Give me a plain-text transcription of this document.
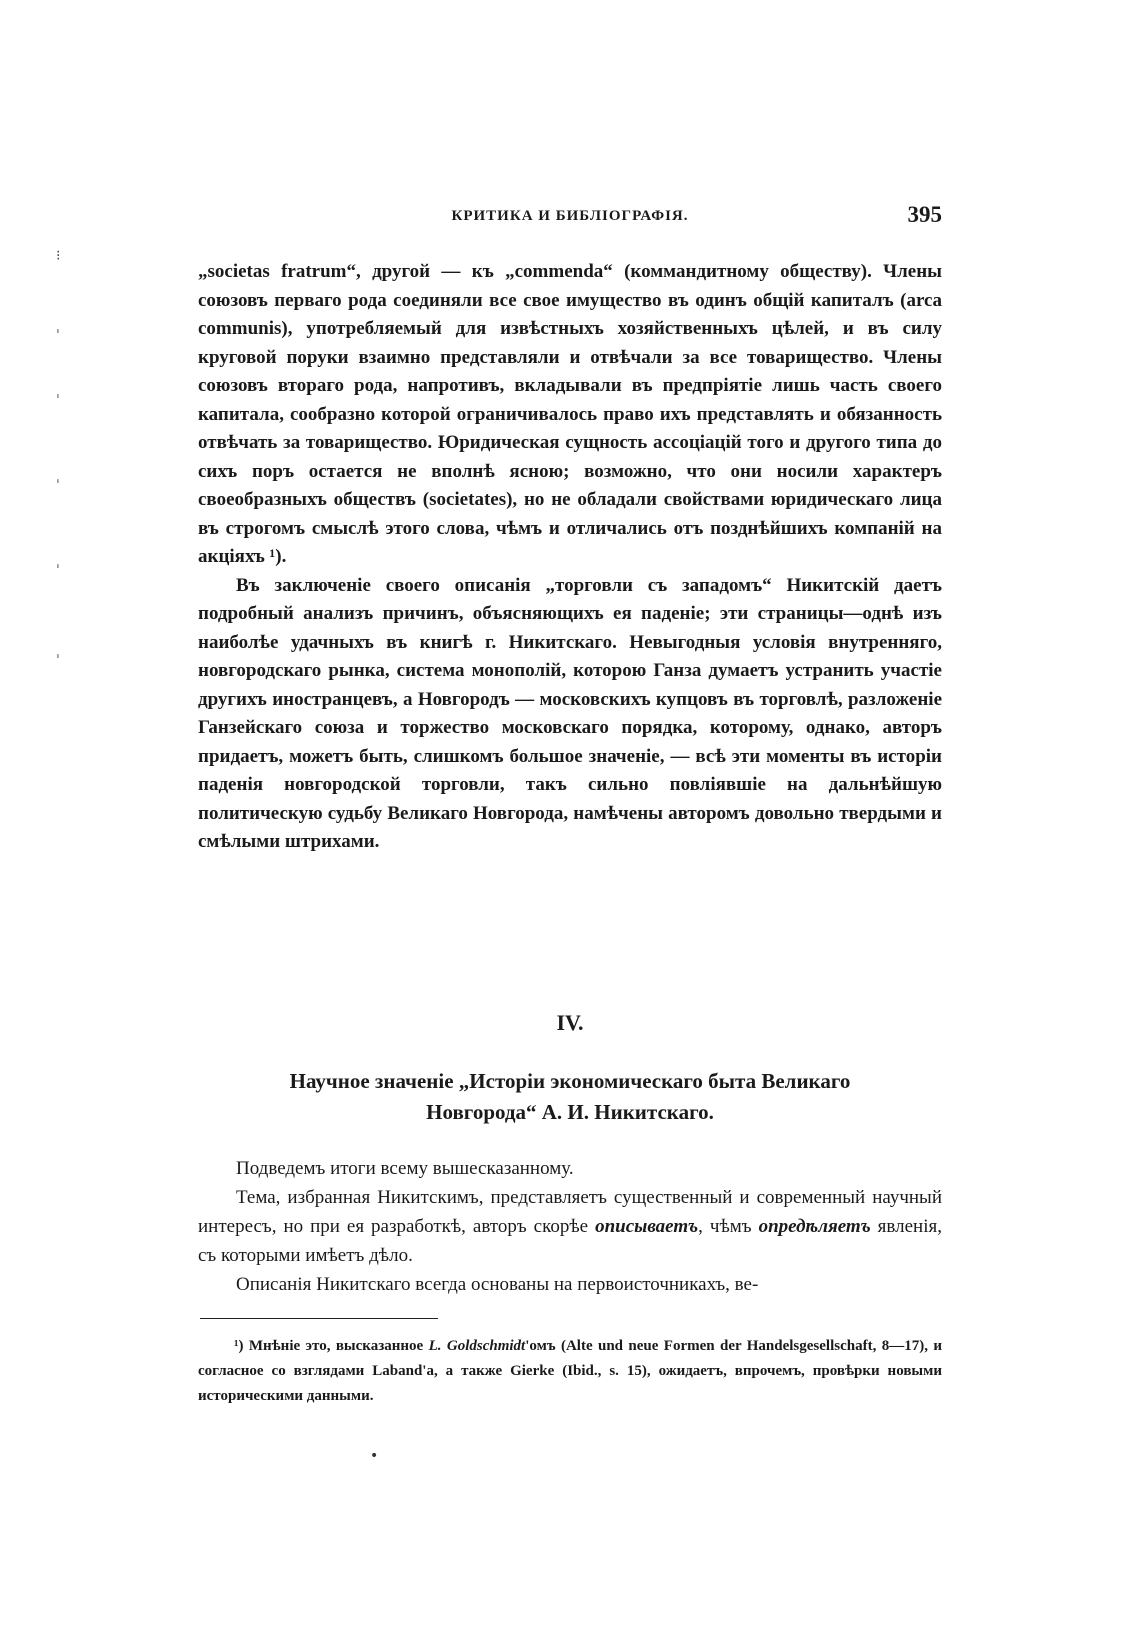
КРИТИКА И БИБЛІОГРАФІЯ.	395
⁝
ˈ
ˈ
ˈ
ˈ
ˈ

„societas fratrum“, другой — къ „commenda“ (коммандитному обществу). Члены союзовъ перваго рода соединяли все свое имущество въ одинъ общій капиталъ (arca communis), употребляемый для извѣстныхъ хозяйственныхъ цѣлей, и въ силу круговой поруки взаимно представляли и отвѣчали за все товарищество. Члены союзовъ втораго рода, напротивъ, вкладывали въ предпріятіе лишь часть своего капитала, сообразно которой ограничивалось право ихъ представлять и обязанность отвѣчать за товарищество. Юридическая сущность ассоціацій того и другого типа до сихъ поръ остается не вполнѣ ясною; возможно, что они носили характеръ своеобразныхъ обществъ (societates), но не обладали свойствами юридическаго лица въ строгомъ смыслѣ этого слова, чѣмъ и отличались отъ позднѣйшихъ компаній на акціяхъ ¹).

Въ заключеніе своего описанія „торговли съ западомъ“ Никитскій даетъ подробный анализъ причинъ, объясняющихъ ея паденіе; эти страницы—однѣ изъ наиболѣе удачныхъ въ книгѣ г. Никитскаго. Невыгодныя условія внутренняго, новгородскаго рынка, система монополій, которою Ганза думаетъ устранить участіе другихъ иностранцевъ, а Новгородъ — московскихъ купцовъ въ торговлѣ, разложеніе Ганзейскаго союза и торжество московскаго порядка, которому, однако, авторъ придаетъ, можетъ быть, слишкомъ большое значеніе, — всѣ эти моменты въ исторіи паденія новгородской торговли, такъ сильно повліявшіе на дальнѣйшую политическую судьбу Великаго Новгорода, намѣчены авторомъ довольно твердыми и смѣлыми штрихами.

IV.
Научное значеніе „Исторіи экономическаго быта Великаго
Новгорода“ А. И. Никитскаго.

Подведемъ итоги всему вышесказанному.

Тема, избранная Никитскимъ, представляетъ существенный и современный научный интересъ, но при ея разработкѣ, авторъ скорѣе описываетъ, чѣмъ опредѣляетъ явленія, съ которыми имѣетъ дѣло.

Описанія Никитскаго всегда основаны на первоисточникахъ, ве-

¹) Мнѣніе это, высказанное L. Goldschmidt'омъ (Alte und neue Formen der Handelsgesellschaft, 8—17), и согласное со взглядами Laband'a, а также Gierke (Ibid., s. 15), ожидаетъ, впрочемъ, провѣрки новыми историческими данными.
•
